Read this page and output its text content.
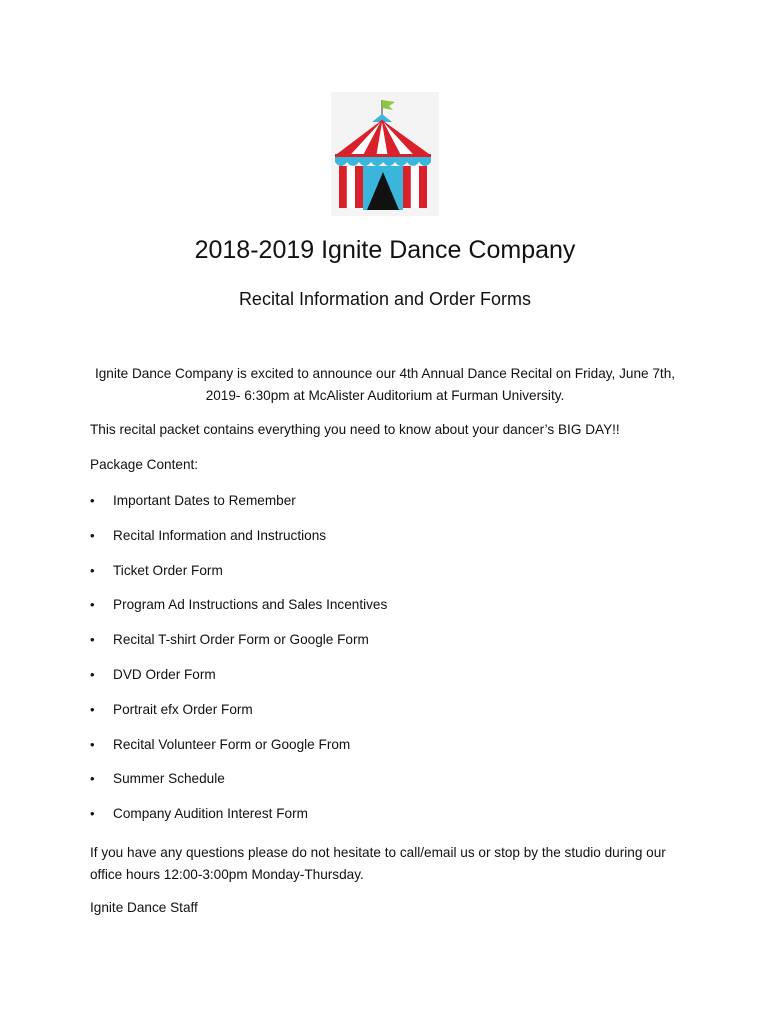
2018-2019 Ignite Dance Company
Recital Information and Order Forms
Ignite Dance Company is excited to announce our 4th Annual Dance Recital on Friday, June 7th,
2019- 6:30pm at McAlister Auditorium at Furman University.
This recital packet contains everything you need to know about your dancer’s BIG DAY!!
Package Content:
• Important Dates to Remember
• Recital Information and Instructions
• Ticket Order Form
• Program Ad Instructions and Sales Incentives
• Recital T-shirt Order Form or Google Form
• DVD Order Form
• Portrait efx Order Form
• Recital Volunteer Form or Google From
• Summer Schedule
• Company Audition Interest Form
If you have any questions please do not hesitate to call/email us or stop by the studio during our
office hours 12:00-3:00pm Monday-Thursday.
Ignite Dance Staff
